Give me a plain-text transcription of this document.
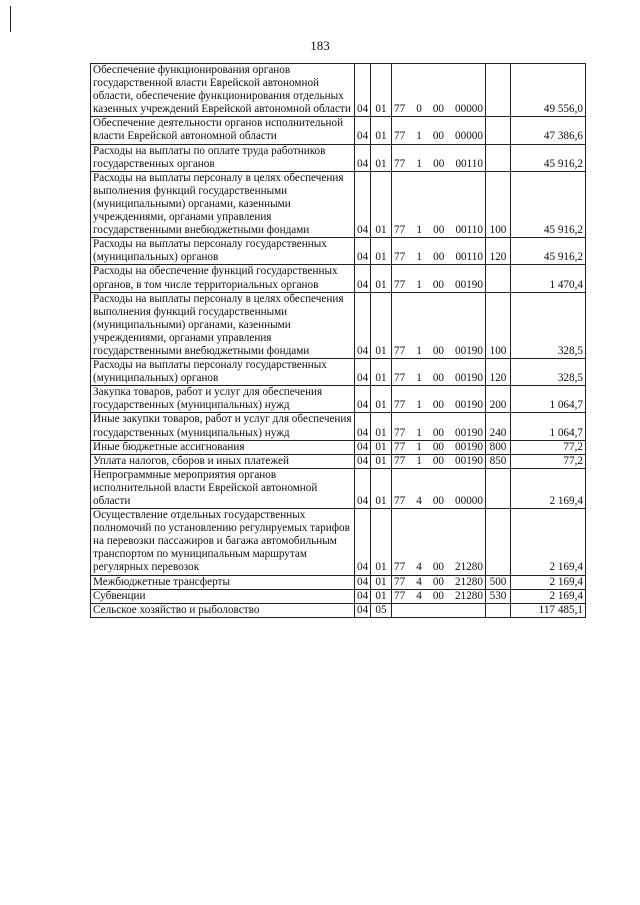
183
Обеспечение функционирования органов государственной власти Еврейской автономной области, обеспечение функционирования отдельных казенных учреждений Еврейской автономной области	04	01	77 0 00 00000		49 556,0
Обеспечение деятельности органов исполнительной власти Еврейской автономной области	04	01	77 1 00 00000		47 386,6
Расходы на выплаты по оплате труда работников государственных органов	04	01	77 1 00 00110		45 916,2
Расходы на выплаты персоналу в целях обеспечения выполнения функций государственными (муниципальными) органами, казенными учреждениями, органами управления государственными внебюджетными фондами	04	01	77 1 00 00110	100	45 916,2
Расходы на выплаты персоналу государственных (муниципальных) органов	04	01	77 1 00 00110	120	45 916,2
Расходы на обеспечение функций государственных органов, в том числе территориальных органов	04	01	77 1 00 00190		1 470,4
Расходы на выплаты персоналу в целях обеспечения выполнения функций государственными (муниципальными) органами, казенными учреждениями, органами управления государственными внебюджетными фондами	04	01	77 1 00 00190	100	328,5
Расходы на выплаты персоналу государственных (муниципальных) органов	04	01	77 1 00 00190	120	328,5
Закупка товаров, работ и услуг для обеспечения государственных (муниципальных) нужд	04	01	77 1 00 00190	200	1 064,7
Иные закупки товаров, работ и услуг для обеспечения государственных (муниципальных) нужд	04	01	77 1 00 00190	240	1 064,7
Иные бюджетные ассигнования	04	01	77 1 00 00190	800	77,2
Уплата налогов, сборов и иных платежей	04	01	77 1 00 00190	850	77,2
Непрограммные мероприятия органов исполнительной власти Еврейской автономной области	04	01	77 4 00 00000		2 169,4
Осуществление отдельных государственных полномочий по установлению регулируемых тарифов на перевозки пассажиров и багажа автомобильным транспортом по муниципальным маршрутам регулярных перевозок	04	01	77 4 00 21280		2 169,4
Межбюджетные трансферты	04	01	77 4 00 21280	500	2 169,4
Субвенции	04	01	77 4 00 21280	530	2 169,4
Сельское хозяйство и рыболовство	04	05			117 485,1
